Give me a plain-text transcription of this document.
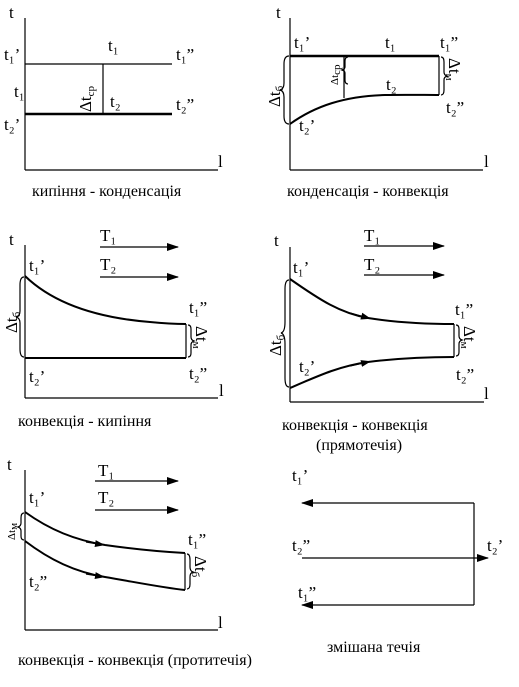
t
l
t₁’	t₁	t₁”
t₁
t₂’
t₂	t₂”
Δtср
кипіння - конденсація
t
l
t₁’	t₁	t₁”
t₂
t₂”
t₂’
Δtб
Δtср	Δtм
конденсація - конвекція
t
l
T₁
T₂
t₁’
t₁”
t₂’	t₂”
Δtб
Δtм
конвекція - кипіння
t
l
T₁
T₂
t₁’
t₁”
t₂’	t₂”
Δtб	Δtм
конвекція - конвекція
(прямотечія)
t
l
T₁
T₂
t₁’
t₁”
t₂”
Δtм
Δtб
конвекція - конвекція (протитечія)
t₁’
t₂”	t₂’
t₁”
змішана течія
